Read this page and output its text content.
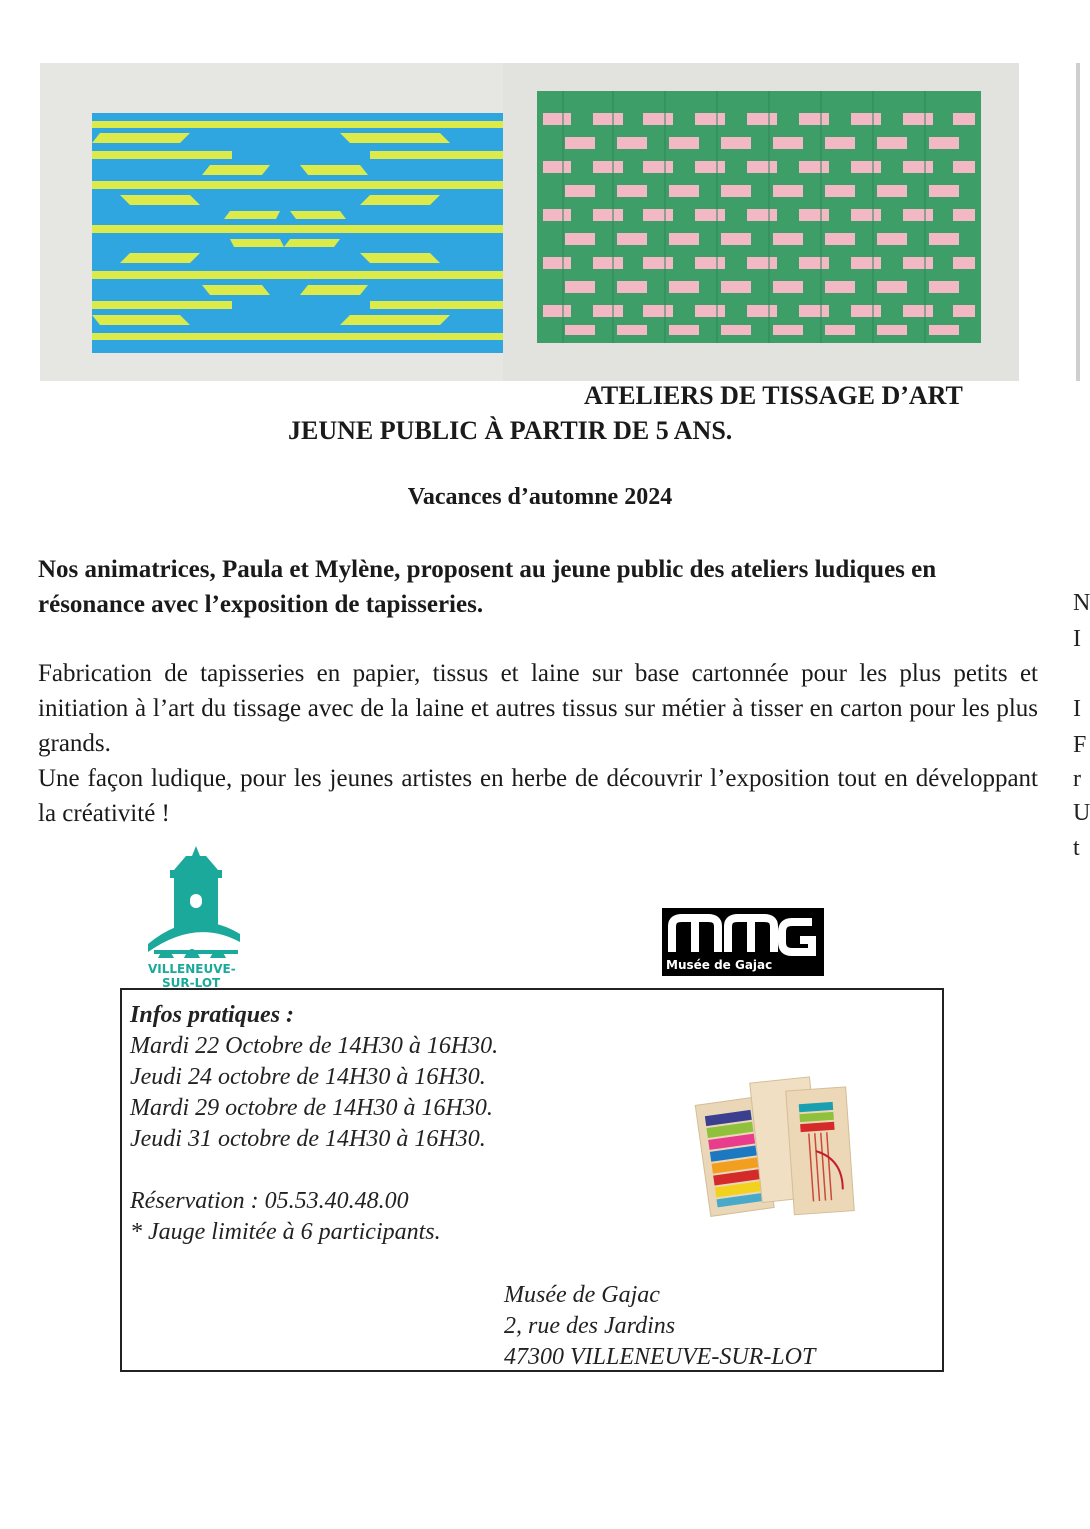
ATELIERS DE TISSAGE D’ART
JEUNE PUBLIC À PARTIR DE 5 ANS.
Vacances d’automne 2024
Nos animatrices, Paula et Mylène, proposent au jeune public des ateliers ludiques en résonance avec l’exposition de tapisseries.

Fabrication de tapisseries en papier, tissus et laine sur base cartonnée pour les plus petits et initiation à l’art du tissage avec de la laine et autres tissus sur métier à tisser en carton pour les plus grands.

Une façon ludique, pour les jeunes artistes en herbe de découvrir l’exposition tout en développant la créativité !

N
I
I
F
r
U
t
VILLENEUVE-
SUR-LOT
Musée de Gajac
Infos pratiques :
Mardi 22 Octobre de 14H30 à 16H30.
Jeudi 24 octobre de 14H30 à 16H30.
Mardi 29 octobre de 14H30 à 16H30.
Jeudi 31 octobre de 14H30 à 16H30.
Réservation : 05.53.40.48.00
* Jauge limitée à 6 participants.
Musée de Gajac
2, rue des Jardins
47300 VILLENEUVE-SUR-LOT
